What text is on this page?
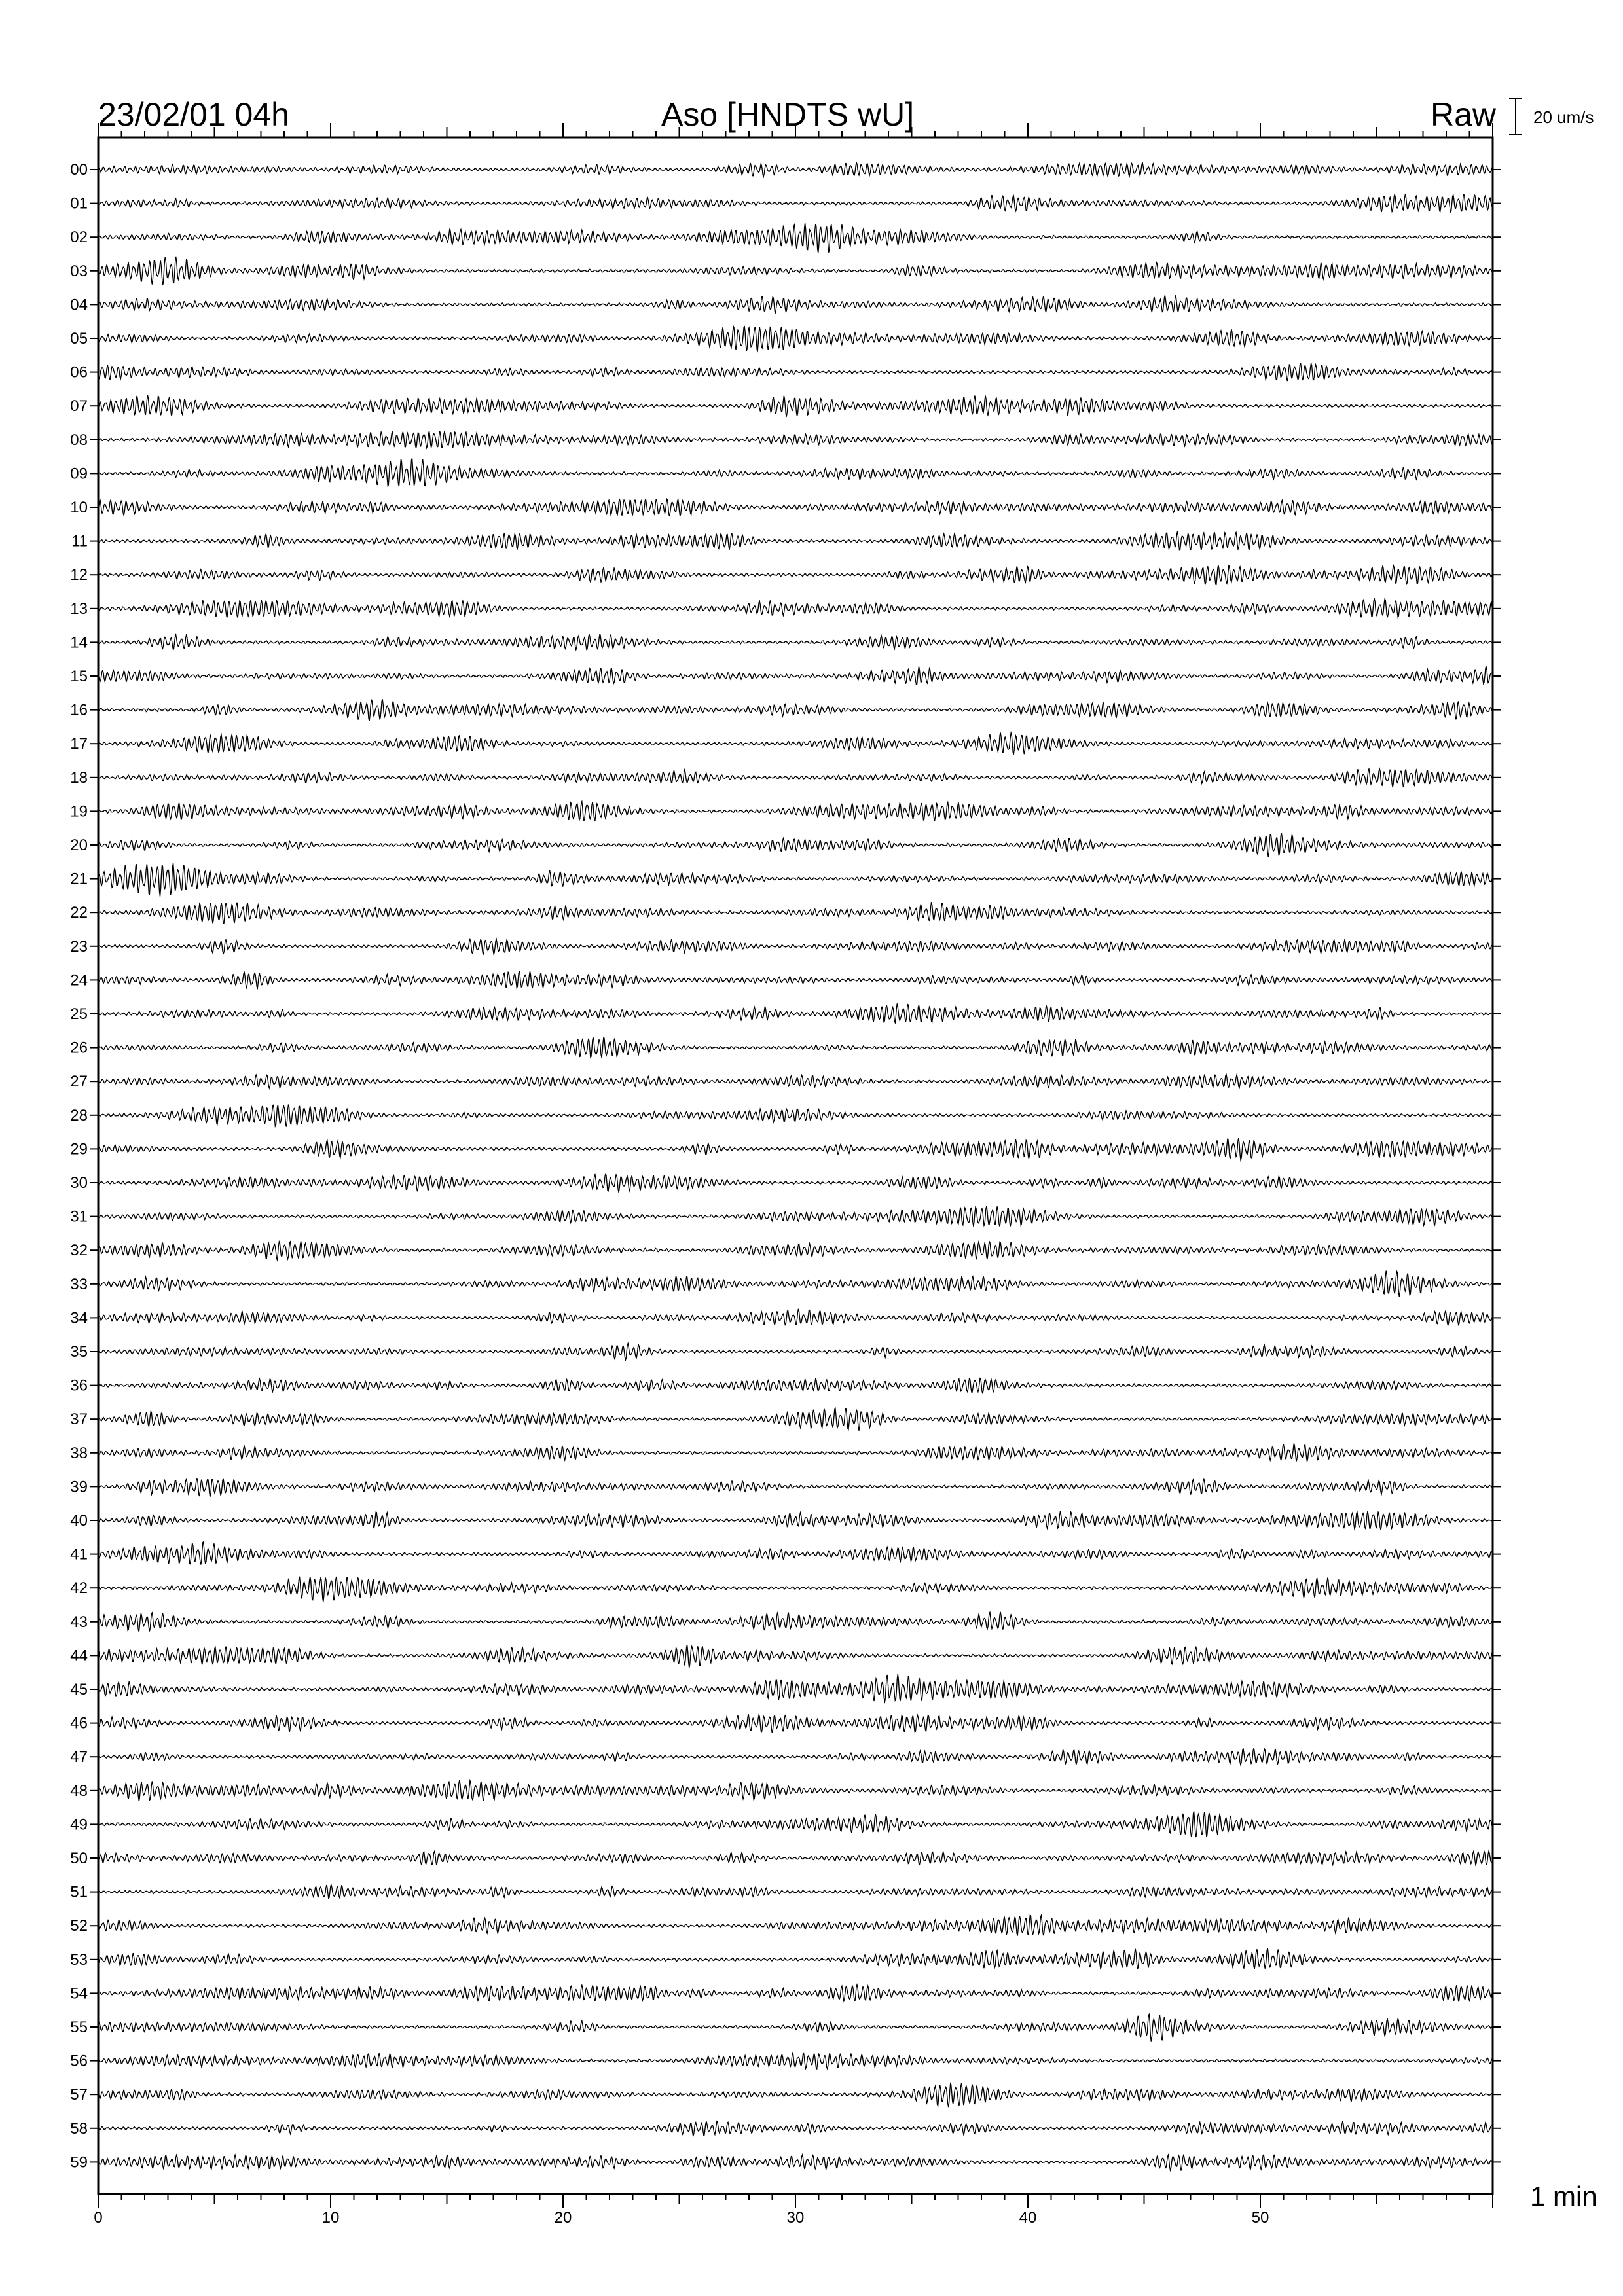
23/02/01 04h	Aso [HNDTS wU]	Raw 20 um/s
1 min
00
01
02
03
04
05
06
07
08
09
10
11
12
13
14
15
16
17
18
19
20
21
22
23
24
25
26
27
28
29
30
31
32
33
34
35
36
37
38
39
40
41
42
43
44
45
46
47
48
49
50
51
52
53
54
55
56
57
58
59
0	10	20	30	40	50
